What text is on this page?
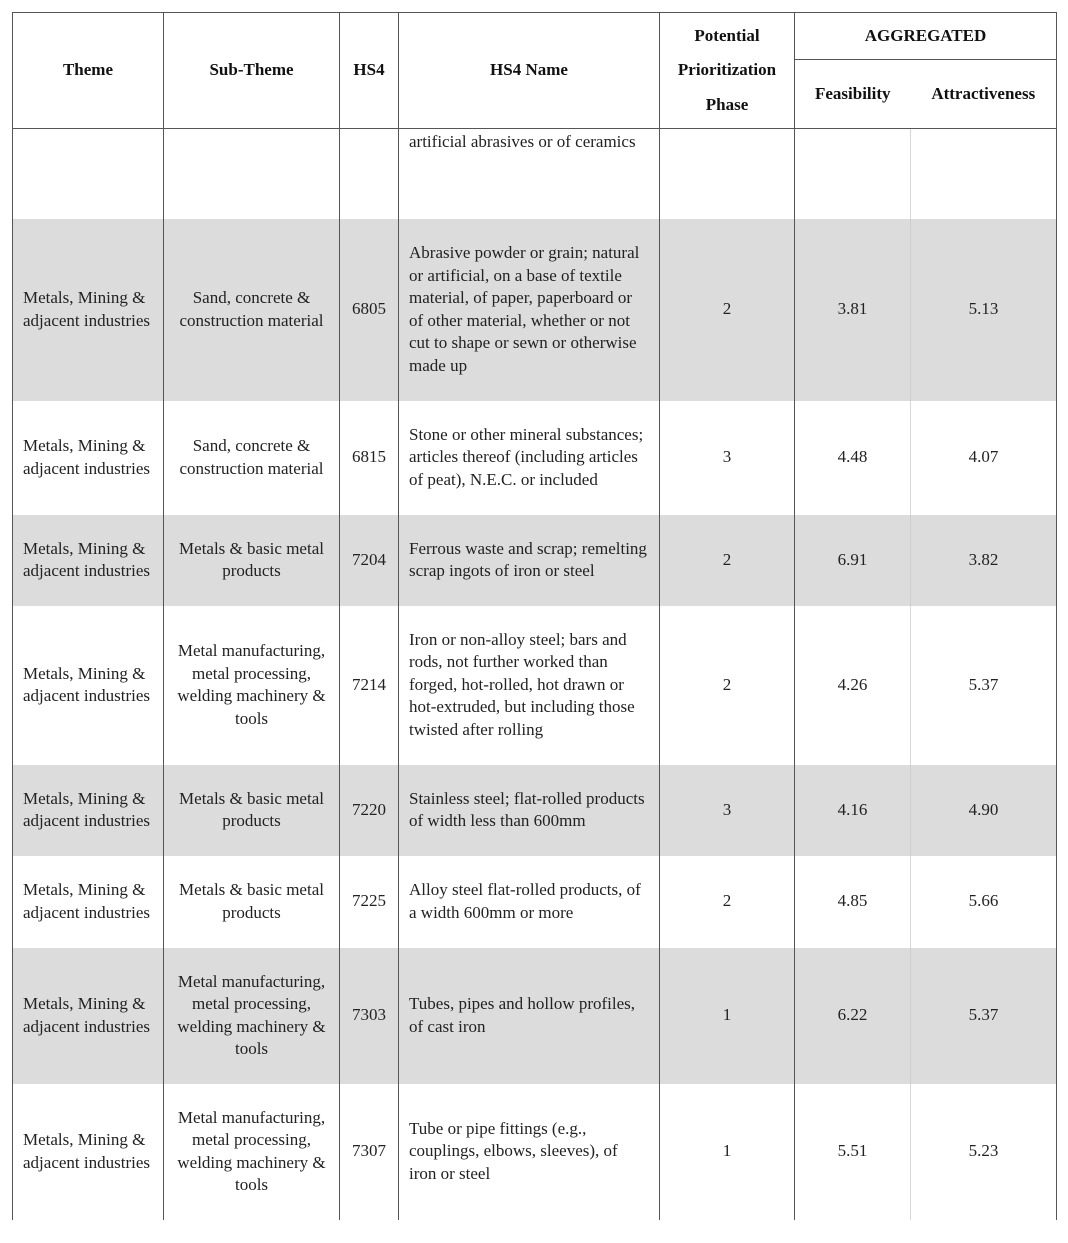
Theme	Sub-Theme	HS4	HS4 Name	Potential
Prioritization
Phase	AGGREGATED	
					Feasibility	Attractiveness
			artificial abrasives or of ceramics			
Metals, Mining & adjacent industries	Sand, concrete & construction material	6805	Abrasive powder or grain; natural or artificial, on a base of textile material, of paper, paperboard or of other material, whether or not cut to shape or sewn or otherwise made up	2	3.81	5.13
Metals, Mining & adjacent industries	Sand, concrete & construction material	6815	Stone or other mineral substances; articles thereof (including articles of peat), N.E.C. or included	3	4.48	4.07
Metals, Mining & adjacent industries	Metals & basic metal products	7204	Ferrous waste and scrap; remelting scrap ingots of iron or steel	2	6.91	3.82
Metals, Mining & adjacent industries	Metal manufacturing, metal processing, welding machinery & tools	7214	Iron or non-alloy steel; bars and rods, not further worked than forged, hot-rolled, hot drawn or hot-extruded, but including those twisted after rolling	2	4.26	5.37
Metals, Mining & adjacent industries	Metals & basic metal products	7220	Stainless steel; flat-rolled products of width less than 600mm	3	4.16	4.90
Metals, Mining & adjacent industries	Metals & basic metal products	7225	Alloy steel flat-rolled products, of a width 600mm or more	2	4.85	5.66
Metals, Mining & adjacent industries	Metal manufacturing, metal processing, welding machinery & tools	7303	Tubes, pipes and hollow profiles, of cast iron	1	6.22	5.37
Metals, Mining & adjacent industries	Metal manufacturing, metal processing, welding machinery & tools	7307	Tube or pipe fittings (e.g., couplings, elbows, sleeves), of iron or steel	1	5.51	5.23
